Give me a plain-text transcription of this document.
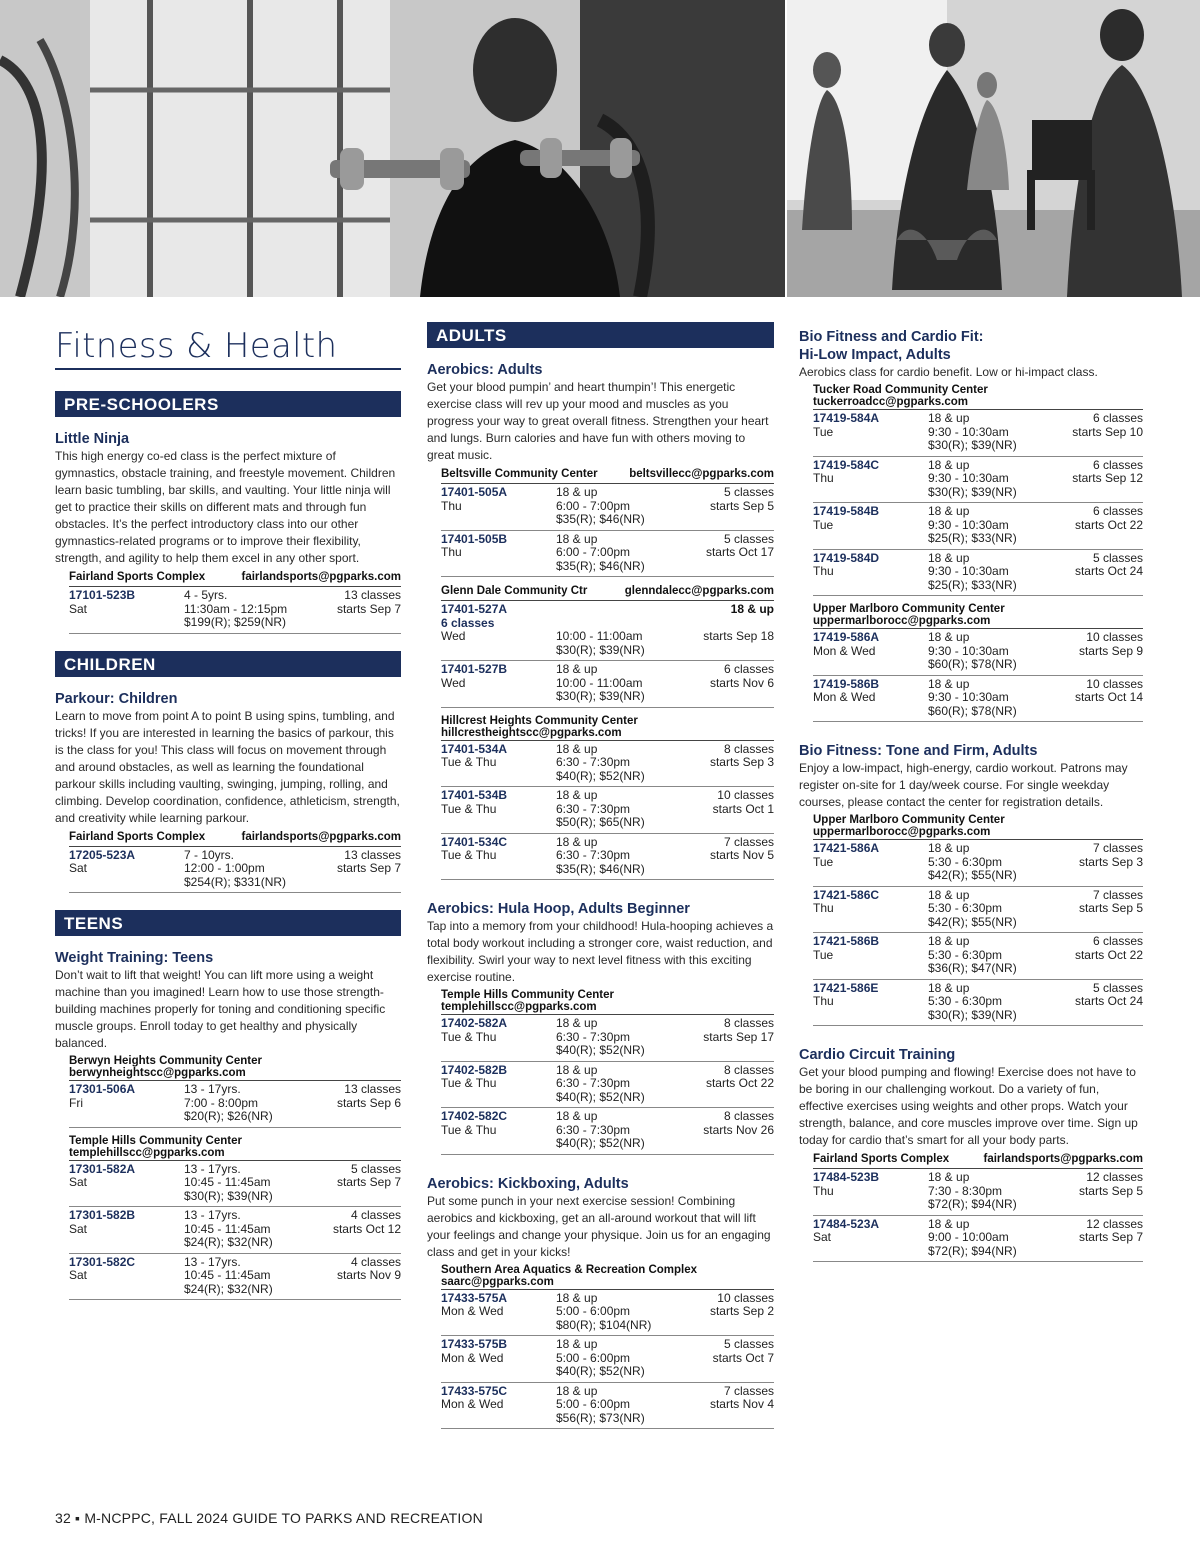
Fitness & Health
PRE-SCHOOLERS
Little Ninja
This high energy co-ed class is the perfect mixture of gymnastics, obstacle training, and freestyle movement. Children learn basic tumbling, bar skills, and vaulting. Your little ninja will get to practice their skills on different mats and through fun obstacles. It’s the perfect introductory class into our other gymnastics-related programs or to improve their flexibility, strength, and agility to help them excel in any other sport.
Fairland Sports Complex	fairlandsports@pgparks.com
17101-523B	4 - 5yrs.	13 classes
Sat	11:30am - 12:15pm	starts Sep 7
$199(R); $259(NR)
CHILDREN
Parkour: Children
Learn to move from point A to point B using spins, tumbling, and tricks! If you are interested in learning the basics of parkour, this is the class for you! This class will focus on movement through and around obstacles, as well as learning the foundational parkour skills including vaulting, swinging, jumping, rolling, and climbing. Develop coordination, confidence, athleticism, strength, and creativity while learning parkour.
Fairland Sports Complex	fairlandsports@pgparks.com
17205-523A	7 - 10yrs.	13 classes
Sat	12:00 - 1:00pm	starts Sep 7
$254(R); $331(NR)
TEENS
Weight Training: Teens
Don’t wait to lift that weight! You can lift more using a weight machine than you imagined! Learn how to use those strength-building machines properly for toning and conditioning specific muscle groups. Enroll today to get healthy and physically balanced.
Berwyn Heights Community Center
berwynheightscc@pgparks.com
17301-506A	13 - 17yrs.	13 classes
Fri	7:00 - 8:00pm	starts Sep 6
$20(R); $26(NR)
Temple Hills Community Center
templehillscc@pgparks.com
17301-582A	13 - 17yrs.	5 classes
Sat	10:45 - 11:45am	starts Sep 7
$30(R); $39(NR)
17301-582B	13 - 17yrs.	4 classes
Sat	10:45 - 11:45am	starts Oct 12
$24(R); $32(NR)
17301-582C	13 - 17yrs.	4 classes
Sat	10:45 - 11:45am	starts Nov 9
$24(R); $32(NR)
ADULTS
Aerobics: Adults
Get your blood pumpin’ and heart thumpin’! This energetic exercise class will rev up your mood and muscles as you progress your way to great overall fitness. Strengthen your heart and lungs. Burn calories and have fun with others moving to great music.
Beltsville Community Center	beltsvillecc@pgparks.com
17401-505A	18 & up	5 classes
Thu	6:00 - 7:00pm	starts Sep 5
$35(R); $46(NR)
17401-505B	18 & up	5 classes
Thu	6:00 - 7:00pm	starts Oct 17
$35(R); $46(NR)
Glenn Dale Community Ctr	glenndalecc@pgparks.com
17401-527A	18 & up
6 classes
Wed	10:00 - 11:00am	starts Sep 18
$30(R); $39(NR)
17401-527B	18 & up	6 classes
Wed	10:00 - 11:00am	starts Nov 6
$30(R); $39(NR)
Hillcrest Heights Community Center
hillcrestheightscc@pgparks.com
17401-534A	18 & up	8 classes
Tue & Thu	6:30 - 7:30pm	starts Sep 3
$40(R); $52(NR)
17401-534B	18 & up	10 classes
Tue & Thu	6:30 - 7:30pm	starts Oct 1
$50(R); $65(NR)
17401-534C	18 & up	7 classes
Tue & Thu	6:30 - 7:30pm	starts Nov 5
$35(R); $46(NR)
Aerobics: Hula Hoop, Adults Beginner
Tap into a memory from your childhood! Hula-hooping achieves a total body workout including a stronger core, waist reduction, and flexibility. Swirl your way to next level fitness with this exciting exercise routine.
Temple Hills Community Center
templehillscc@pgparks.com
17402-582A	18 & up	8 classes
Tue & Thu	6:30 - 7:30pm	starts Sep 17
$40(R); $52(NR)
17402-582B	18 & up	8 classes
Tue & Thu	6:30 - 7:30pm	starts Oct 22
$40(R); $52(NR)
17402-582C	18 & up	8 classes
Tue & Thu	6:30 - 7:30pm	starts Nov 26
$40(R); $52(NR)
Aerobics: Kickboxing, Adults
Put some punch in your next exercise session! Combining aerobics and kickboxing, get an all-around workout that will lift your feelings and change your physique. Join us for an engaging class and get in your kicks!
Southern Area Aquatics & Recreation Complex
saarc@pgparks.com
17433-575A	18 & up	10 classes
Mon & Wed	5:00 - 6:00pm	starts Sep 2
$80(R); $104(NR)
17433-575B	18 & up	5 classes
Mon & Wed	5:00 - 6:00pm	starts Oct 7
$40(R); $52(NR)
17433-575C	18 & up	7 classes
Mon & Wed	5:00 - 6:00pm	starts Nov 4
$56(R); $73(NR)
Bio Fitness and Cardio Fit:
Hi-Low Impact, Adults
Aerobics class for cardio benefit. Low or hi-impact class.
Tucker Road Community Center
tuckerroadcc@pgparks.com
17419-584A	18 & up	6 classes
Tue	9:30 - 10:30am	starts Sep 10
$30(R); $39(NR)
17419-584C	18 & up	6 classes
Thu	9:30 - 10:30am	starts Sep 12
$30(R); $39(NR)
17419-584B	18 & up	6 classes
Tue	9:30 - 10:30am	starts Oct 22
$25(R); $33(NR)
17419-584D	18 & up	5 classes
Thu	9:30 - 10:30am	starts Oct 24
$25(R); $33(NR)
Upper Marlboro Community Center
uppermarlborocc@pgparks.com
17419-586A	18 & up	10 classes
Mon & Wed	9:30 - 10:30am	starts Sep 9
$60(R); $78(NR)
17419-586B	18 & up	10 classes
Mon & Wed	9:30 - 10:30am	starts Oct 14
$60(R); $78(NR)
Bio Fitness: Tone and Firm, Adults
Enjoy a low-impact, high-energy, cardio workout. Patrons may register on-site for 1 day/week course. For single weekday courses, please contact the center for registration details.
Upper Marlboro Community Center
uppermarlborocc@pgparks.com
17421-586A	18 & up	7 classes
Tue	5:30 - 6:30pm	starts Sep 3
$42(R); $55(NR)
17421-586C	18 & up	7 classes
Thu	5:30 - 6:30pm	starts Sep 5
$42(R); $55(NR)
17421-586B	18 & up	6 classes
Tue	5:30 - 6:30pm	starts Oct 22
$36(R); $47(NR)
17421-586E	18 & up	5 classes
Thu	5:30 - 6:30pm	starts Oct 24
$30(R); $39(NR)
Cardio Circuit Training
Get your blood pumping and flowing! Exercise does not have to be boring in our challenging workout. Do a variety of fun, effective exercises using weights and other props. Watch your strength, balance, and core muscles improve over time. Sign up today for cardio that’s smart for all your body parts.
Fairland Sports Complex	fairlandsports@pgparks.com
17484-523B	18 & up	12 classes
Thu	7:30 - 8:30pm	starts Sep 5
$72(R); $94(NR)
17484-523A	18 & up	12 classes
Sat	9:00 - 10:00am	starts Sep 7
$72(R); $94(NR)
32 ▪ M-NCPPC, FALL 2024 GUIDE TO PARKS AND RECREATION
